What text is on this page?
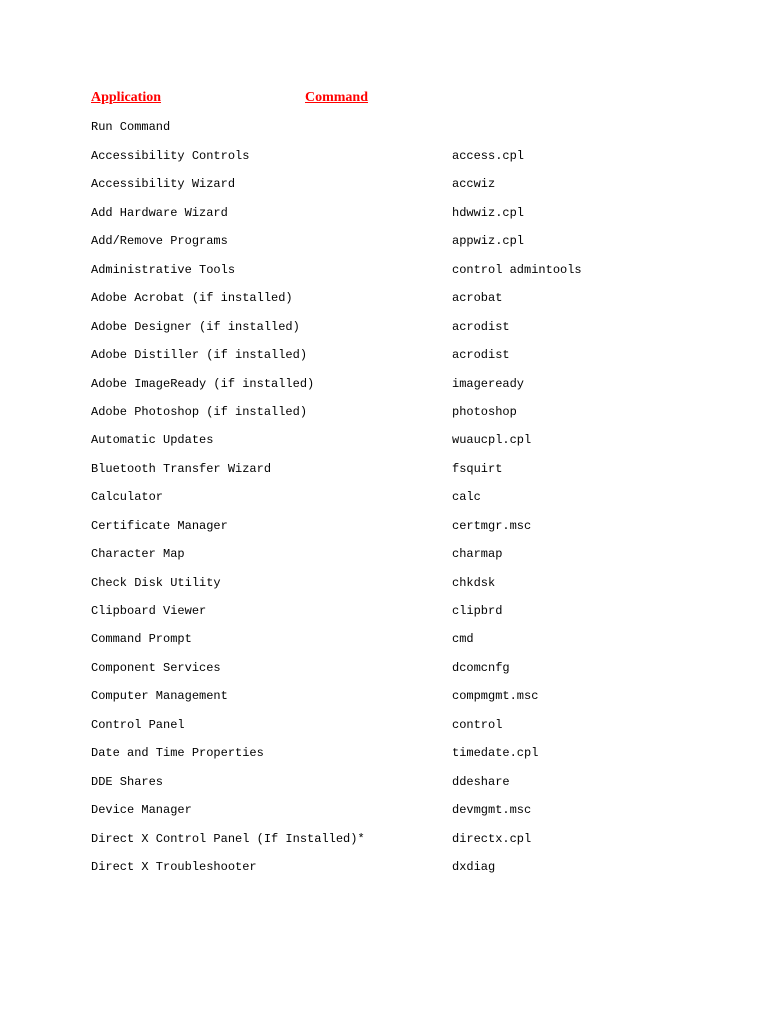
Application	Command
Run Command
Accessibility Controls	access.cpl
Accessibility Wizard	accwiz
Add Hardware Wizard	hdwwiz.cpl
Add/Remove Programs	appwiz.cpl
Administrative Tools	control admintools
Adobe Acrobat (if installed)	acrobat
Adobe Designer (if installed)	acrodist
Adobe Distiller (if installed)	acrodist
Adobe ImageReady (if installed)	imageready
Adobe Photoshop (if installed)	photoshop
Automatic Updates	wuaucpl.cpl
Bluetooth Transfer Wizard	fsquirt
Calculator	calc
Certificate Manager	certmgr.msc
Character Map	charmap
Check Disk Utility	chkdsk
Clipboard Viewer	clipbrd
Command Prompt	cmd
Component Services	dcomcnfg
Computer Management	compmgmt.msc
Control Panel	control
Date and Time Properties	timedate.cpl
DDE Shares	ddeshare
Device Manager	devmgmt.msc
Direct X Control Panel (If Installed)*	directx.cpl
Direct X Troubleshooter	dxdiag
